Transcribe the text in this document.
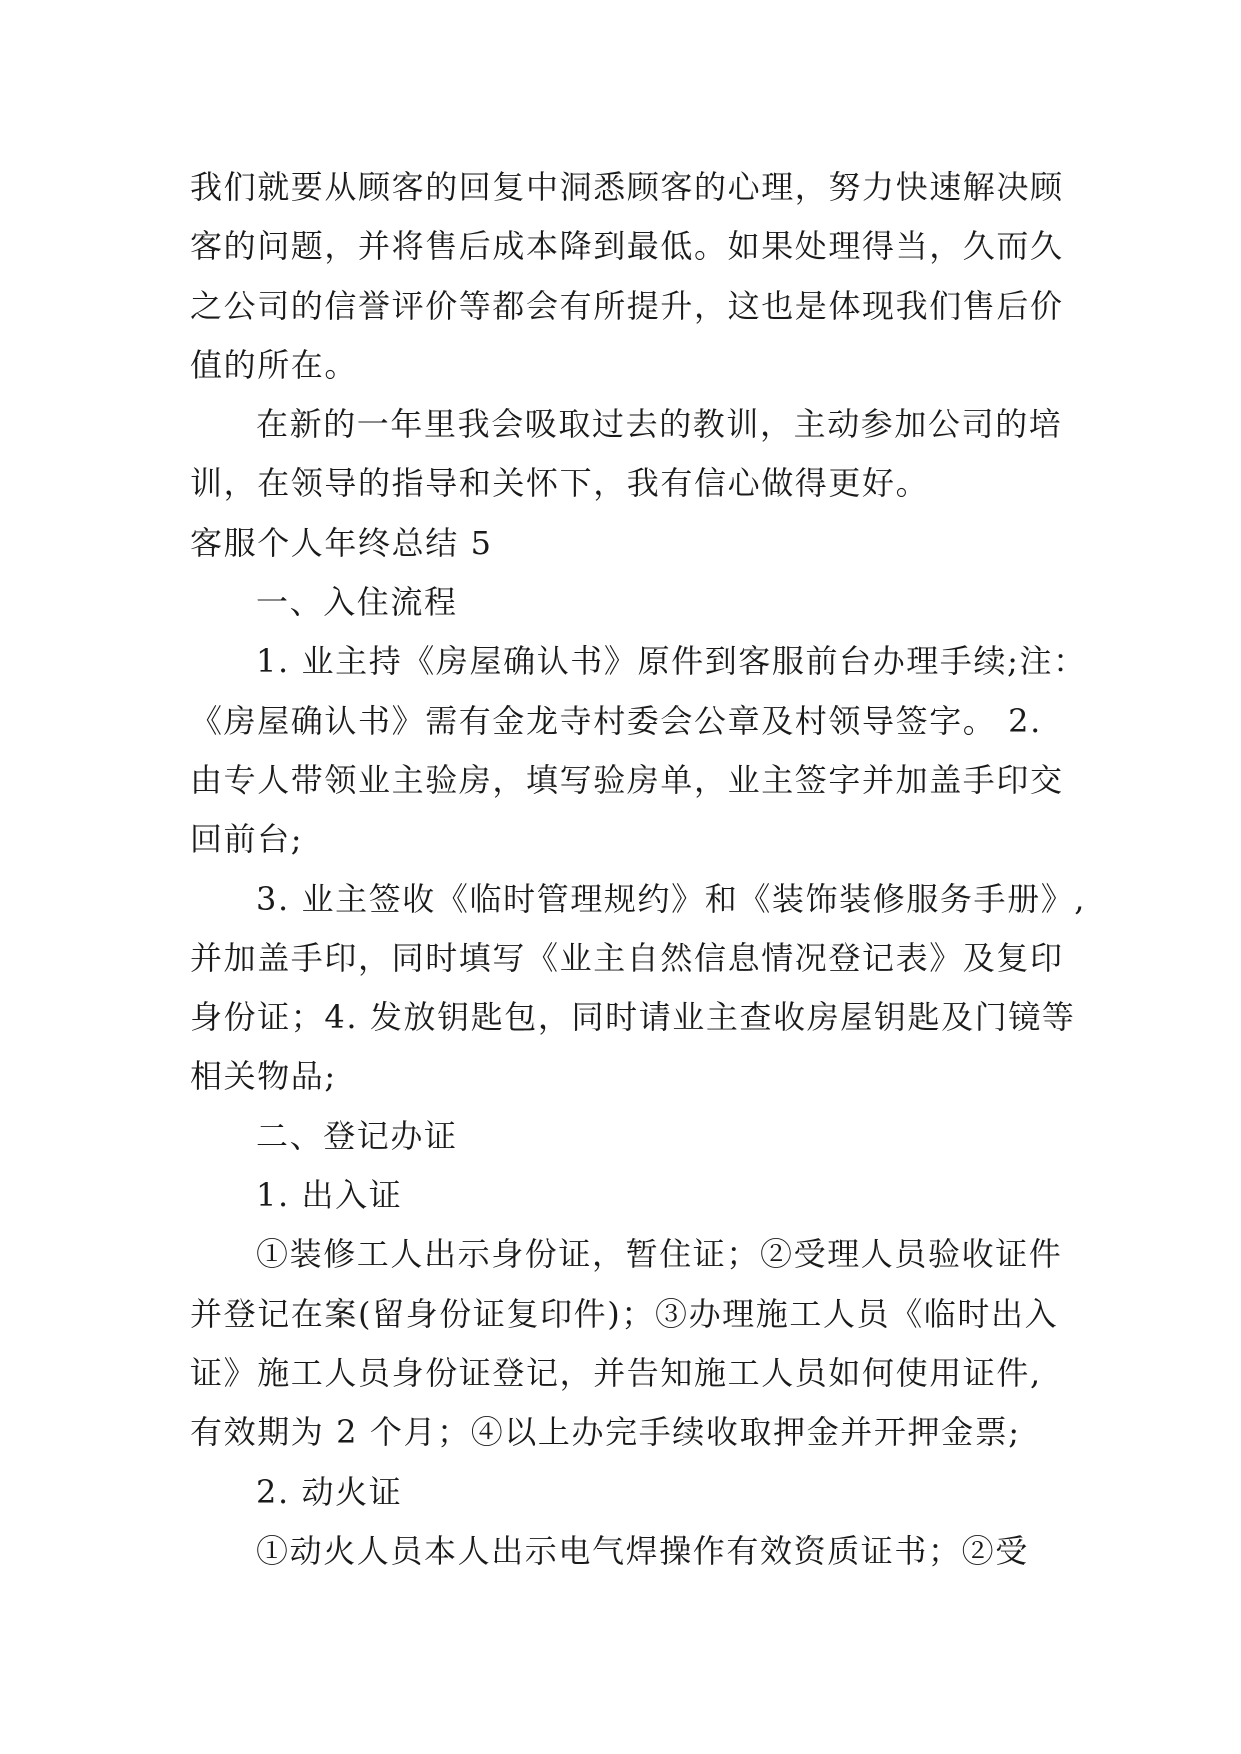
我们就要从顾客的回复中洞悉顾客的心理，努力快速解决顾
客的问题，并将售后成本降到最低。如果处理得当，久而久
之公司的信誉评价等都会有所提升，这也是体现我们售后价
值的所在。
在新的一年里我会吸取过去的教训，主动参加公司的培
训，在领导的指导和关怀下，我有信心做得更好。
客服个人年终总结 5
一、入住流程
1. 业主持《房屋确认书》原件到客服前台办理手续;注：
《房屋确认书》需有金龙寺村委会公章及村领导签字。 2.
由专人带领业主验房，填写验房单，业主签字并加盖手印交
回前台;
3. 业主签收《临时管理规约》和《装饰装修服务手册》,
并加盖手印，同时填写《业主自然信息情况登记表》及复印
身份证；4. 发放钥匙包，同时请业主查收房屋钥匙及门镜等
相关物品;
二、登记办证
1. 出入证
①装修工人出示身份证，暂住证；②受理人员验收证件
并登记在案(留身份证复印件)；③办理施工人员《临时出入
证》施工人员身份证登记，并告知施工人员如何使用证件,
有效期为 2 个月；④以上办完手续收取押金并开押金票;
2. 动火证
①动火人员本人出示电气焊操作有效资质证书；②受
